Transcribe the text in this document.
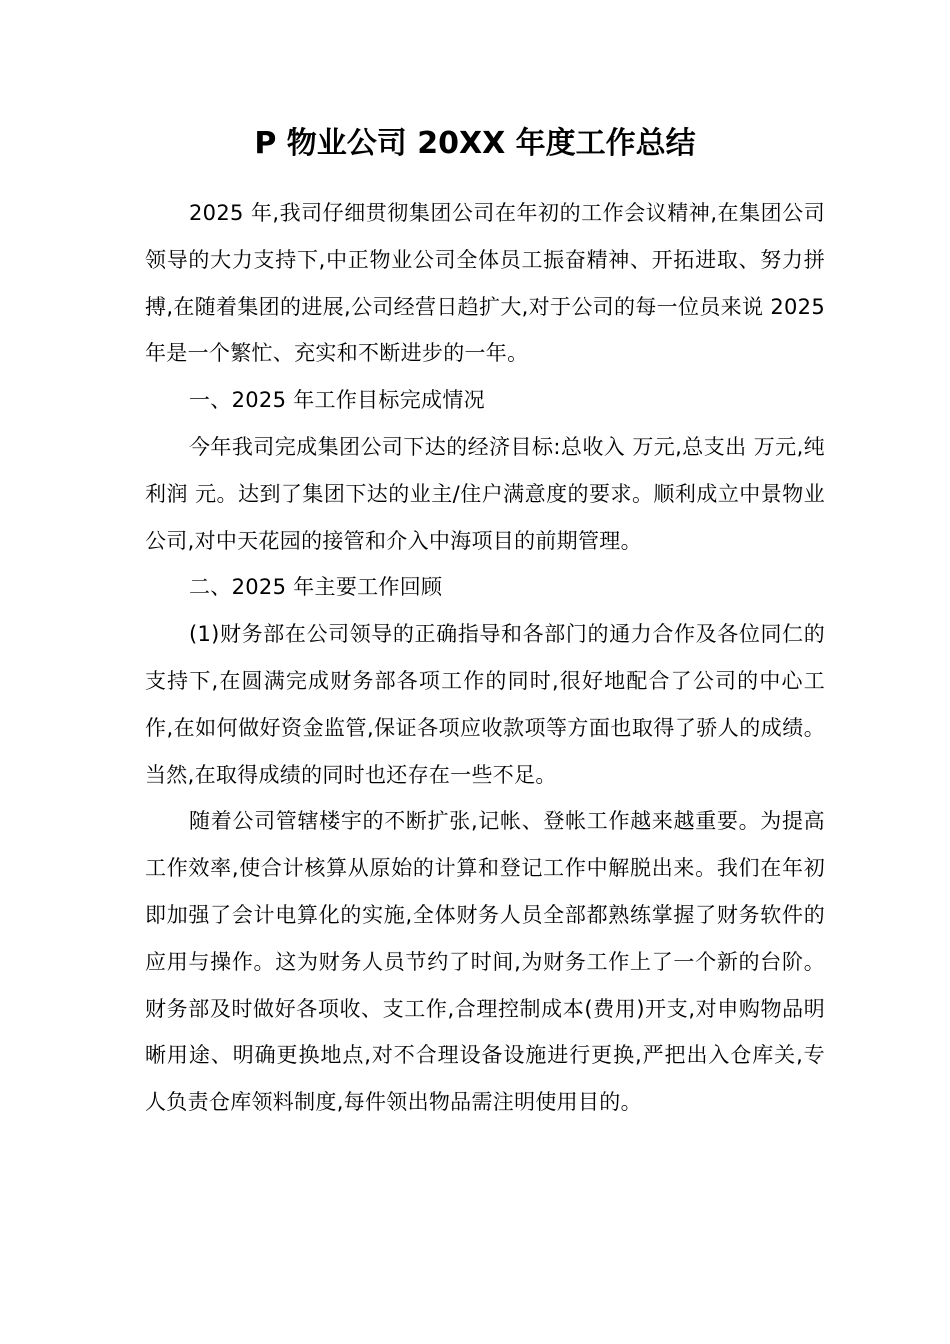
P 物业公司 20XX 年度工作总结

2025 年,我司仔细贯彻集团公司在年初的工作会议精神,在集团公司领导的大力支持下,中正物业公司全体员工振奋精神、开拓进取、努力拼搏,在随着集团的进展,公司经营日趋扩大,对于公司的每一位员来说 2025 年是一个繁忙、充实和不断进步的一年。

一、2025 年工作目标完成情况

今年我司完成集团公司下达的经济目标:总收入 万元,总支出 万元,纯利润 元。达到了集团下达的业主/住户满意度的要求。顺利成立中景物业公司,对中天花园的接管和介入中海项目的前期管理。

二、2025 年主要工作回顾

(1)财务部在公司领导的正确指导和各部门的通力合作及各位同仁的支持下,在圆满完成财务部各项工作的同时,很好地配合了公司的中心工作,在如何做好资金监管,保证各项应收款项等方面也取得了骄人的成绩。当然,在取得成绩的同时也还存在一些不足。

随着公司管辖楼宇的不断扩张,记帐、登帐工作越来越重要。为提高工作效率,使合计核算从原始的计算和登记工作中解脱出来。我们在年初即加强了会计电算化的实施,全体财务人员全部都熟练掌握了财务软件的应用与操作。这为财务人员节约了时间,为财务工作上了一个新的台阶。财务部及时做好各项收、支工作,合理控制成本(费用)开支,对申购物品明晰用途、明确更换地点,对不合理设备设施进行更换,严把出入仓库关,专人负责仓库领料制度,每件领出物品需注明使用目的。
